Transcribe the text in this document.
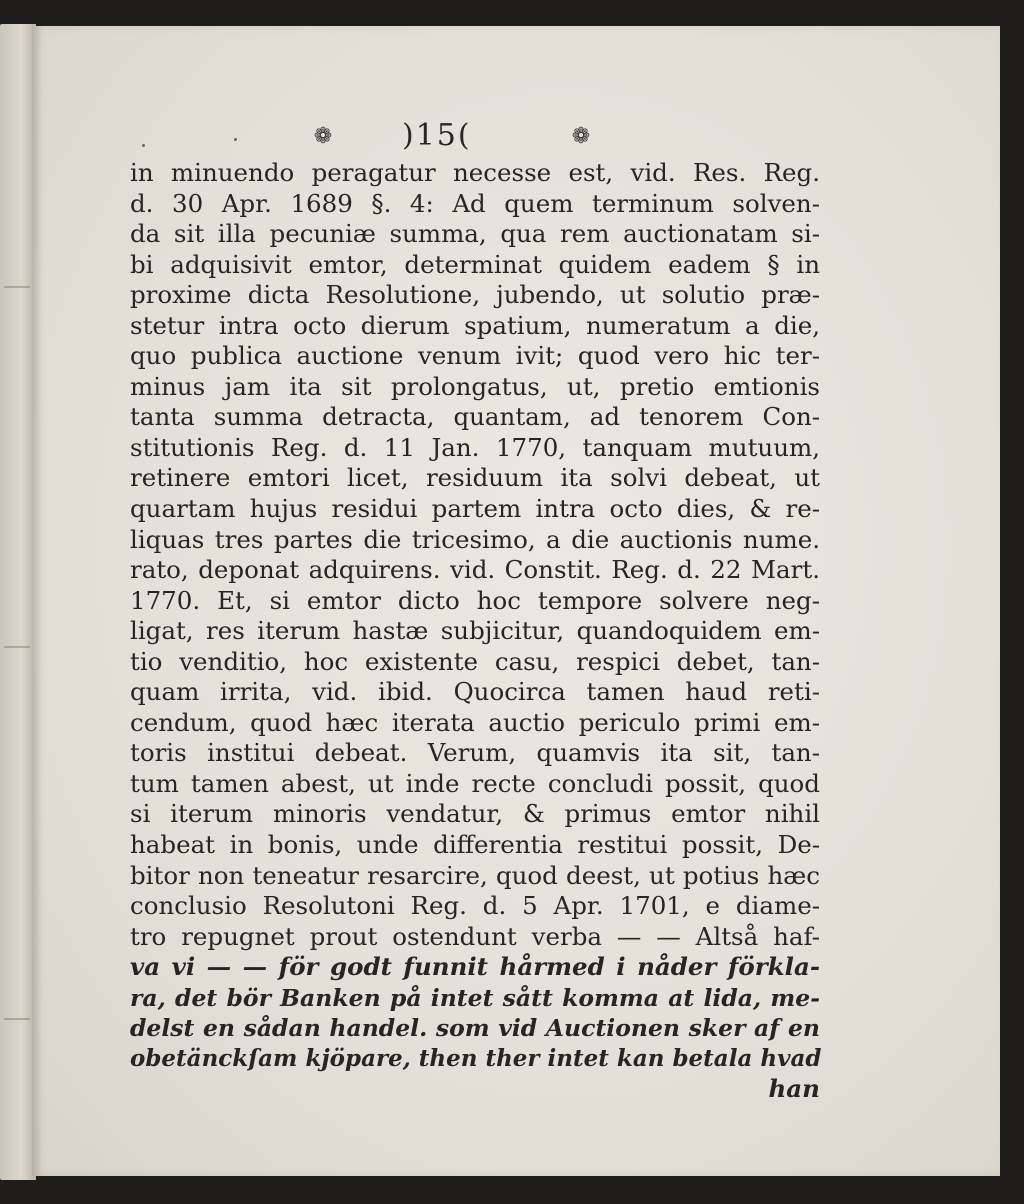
❁ )15(	❁
in minuendo peragatur necesse est, vid. Res. Reg.
d. 30 Apr. 1689 §. 4: Ad quem terminum solven-
da sit illa pecuniæ summa, qua rem auctionatam si-
bi adquisivit emtor, determinat quidem eadem § in
proxime dicta Resolutione, jubendo, ut solutio præ-
stetur intra octo dierum spatium, numeratum a die,
quo publica auctione venum ivit; quod vero hic ter-
minus jam ita sit prolongatus, ut, pretio emtionis
tanta summa detracta, quantam, ad tenorem Con-
stitutionis Reg. d. 11 Jan. 1770, tanquam mutuum,
retinere emtori licet, residuum ita solvi debeat, ut
quartam hujus residui partem intra octo dies, & re-
liquas tres partes die tricesimo, a die auctionis nume.
rato, deponat adquirens. vid. Constit. Reg. d. 22 Mart.
1770. Et, si emtor dicto hoc tempore solvere neg-
ligat, res iterum hastæ subjicitur, quandoquidem em-
tio venditio, hoc existente casu, respici debet, tan-
quam irrita, vid. ibid. Quocirca tamen haud reti-
cendum, quod hæc iterata auctio periculo primi em-
toris institui debeat. Verum, quamvis ita sit, tan-
tum tamen abest, ut inde recte concludi possit, quod
si iterum minoris vendatur, & primus emtor nihil
habeat in bonis, unde differentia restitui possit, De-
bitor non teneatur resarcire, quod deest, ut potius hæc
conclusio Resolutoni Reg. d. 5 Apr. 1701, e diame-
tro repugnet prout ostendunt verba — — Altså haf-
va vi — — för godt funnit hårmed i nåder förkla-
ra, det bör Banken på intet sått komma at lida, me-
delst en sådan handel. som vid Auctionen sker af en
obetänckſam kjöpare, then ther intet kan betala hvad
han
